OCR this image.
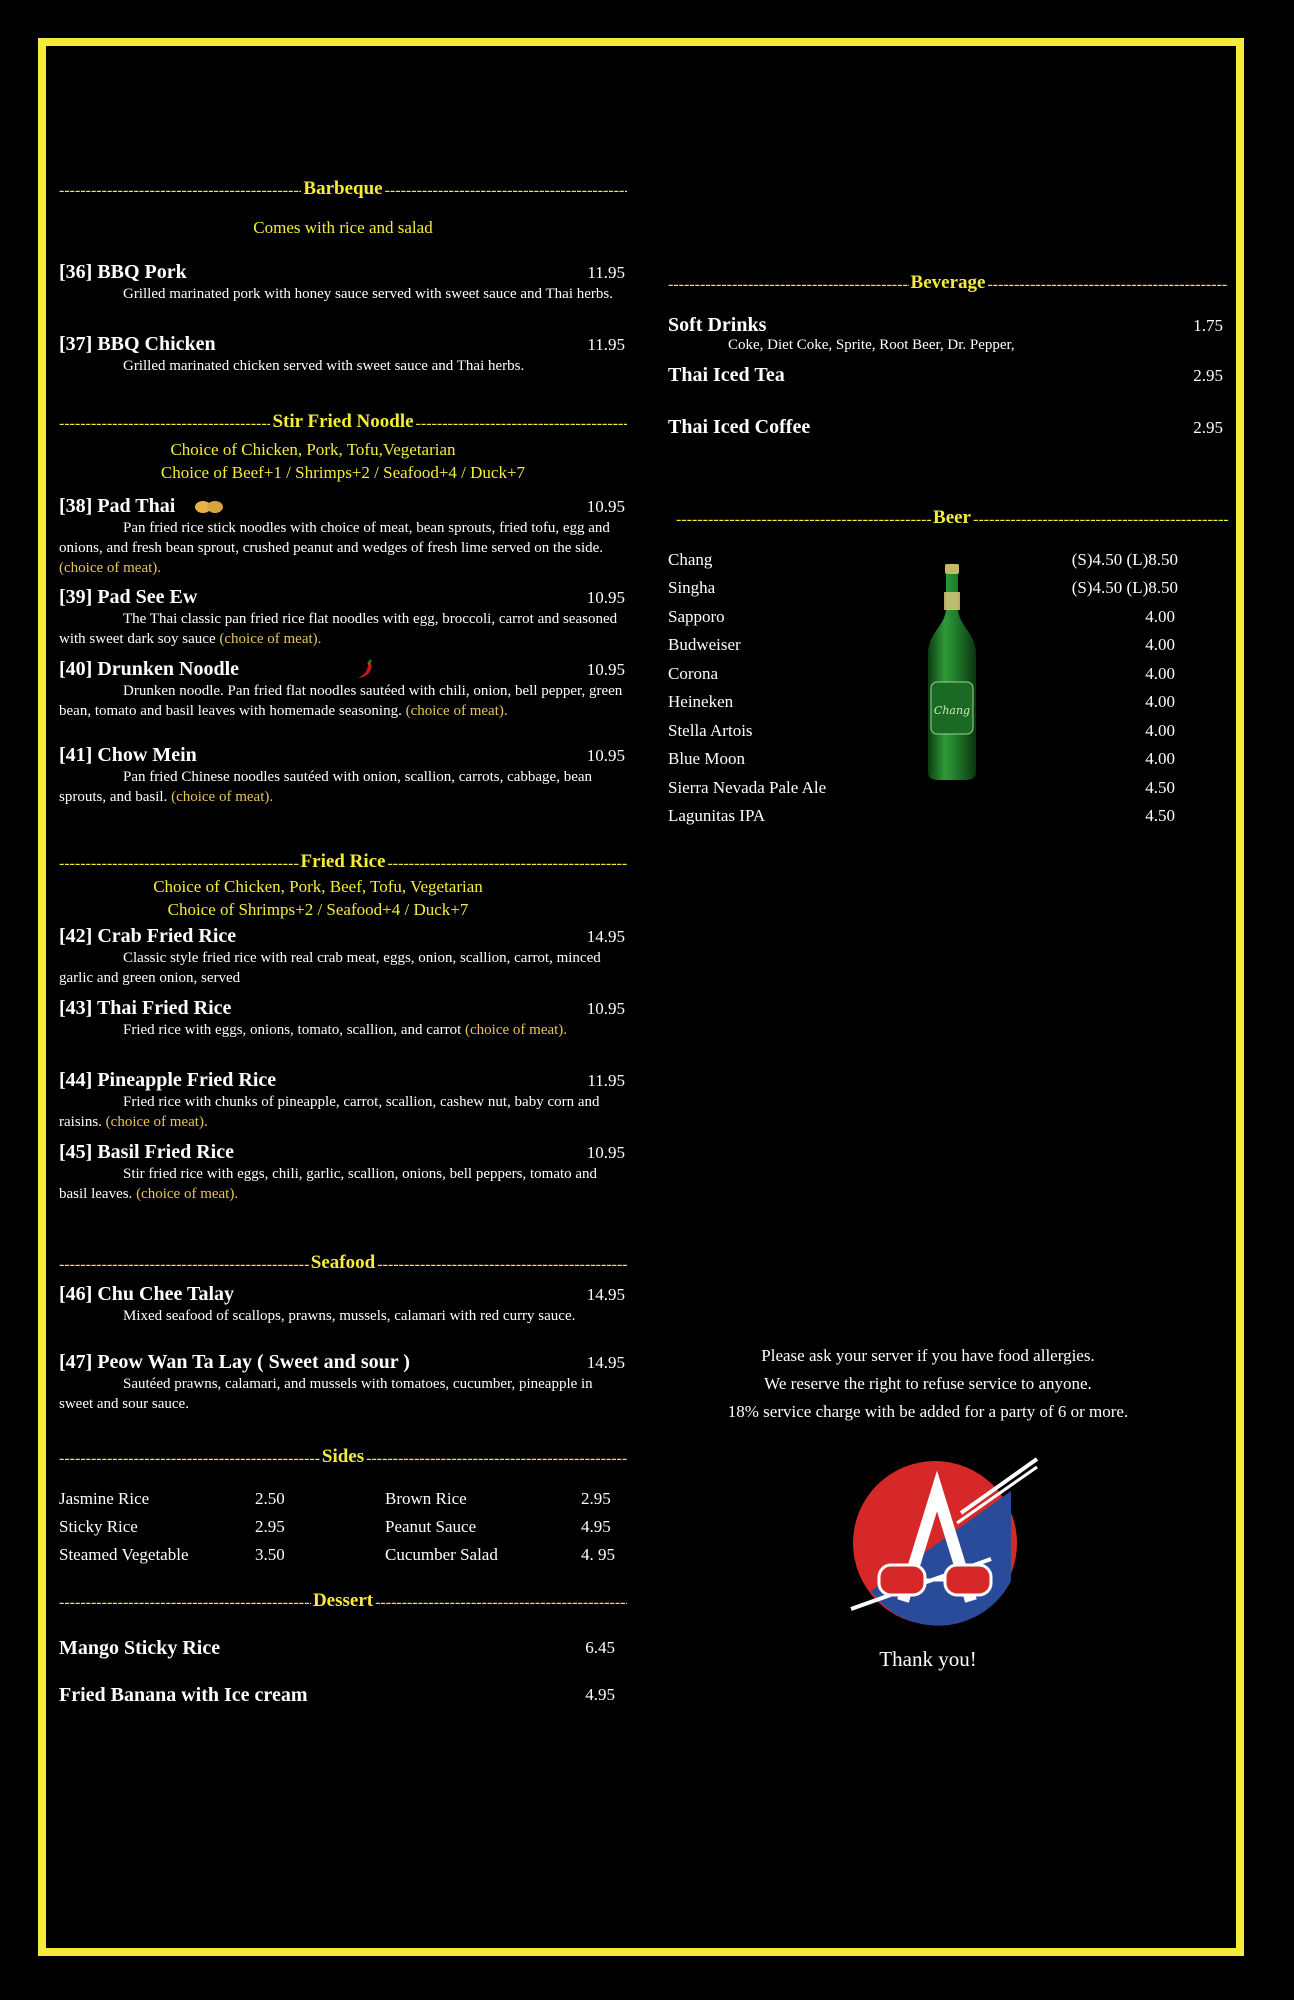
-----
Barbeque
-----
Comes with rice and salad
[36] BBQ Pork	11.95
Grilled marinated pork with honey sauce served with sweet sauce and Thai herbs.
[37] BBQ Chicken	11.95
Grilled marinated chicken served with sweet sauce and Thai herbs.
-----
Stir Fried Noodle
-----
Choice of Chicken, Pork, Tofu,Vegetarian
Choice of Beef+1 / Shrimps+2 / Seafood+4 / Duck+7
[38] Pad Thai	10.95
Pan fried rice stick noodles with choice of meat, bean sprouts, fried tofu, egg and onions, and fresh bean sprout, crushed peanut and wedges of fresh lime served on the side. (choice of meat).
[39] Pad See Ew	10.95
The Thai classic pan fried rice flat noodles with egg, broccoli, carrot and seasoned with sweet dark soy sauce (choice of meat).
[40] Drunken Noodle	10.95
Drunken noodle. Pan fried flat noodles sautéed with chili, onion, bell pepper, green bean, tomato and basil leaves with homemade seasoning. (choice of meat).
[41] Chow Mein	10.95
Pan fried Chinese noodles sautéed with onion, scallion, carrots, cabbage, bean sprouts, and basil. (choice of meat).
-----
Fried Rice
-----
Choice of Chicken, Pork, Beef, Tofu, Vegetarian
Choice of Shrimps+2 / Seafood+4 / Duck+7
[42] Crab Fried Rice	14.95
Classic style fried rice with real crab meat, eggs, onion, scallion, carrot, minced garlic and green onion, served
[43] Thai Fried Rice	10.95
Fried rice with eggs, onions, tomato, scallion, and carrot (choice of meat).
[44] Pineapple Fried Rice	11.95
Fried rice with chunks of pineapple, carrot, scallion, cashew nut, baby corn and raisins. (choice of meat).
[45] Basil Fried Rice	10.95
Stir fried rice with eggs, chili, garlic, scallion, onions, bell peppers, tomato and basil leaves. (choice of meat).
-----
Seafood
-----
[46] Chu Chee Talay	14.95
Mixed seafood of scallops, prawns, mussels, calamari with red curry sauce.
[47] Peow Wan Ta Lay ( Sweet and sour )	14.95
Sautéed prawns, calamari, and mussels with tomatoes, cucumber, pineapple in sweet and sour sauce.
-----
Sides
-----
Jasmine Rice	2.50
Sticky Rice	2.95
Steamed Vegetable	3.50
Brown Rice	2.95
Peanut Sauce	4.95
Cucumber Salad	4. 95
-----
Dessert
-----
Mango Sticky Rice	6.45
Fried Banana with Ice cream	4.95
-----
Beverage
-----
Soft Drinks	1.75
Coke, Diet Coke, Sprite, Root Beer, Dr. Pepper,
Thai Iced Tea	2.95
Thai Iced Coffee	2.95
-----
Beer
-----
Chang	(S)4.50 (L)8.50
Singha	(S)4.50 (L)8.50
Sapporo	4.00
Budweiser	4.00
Corona	4.00
Heineken	4.00
Stella Artois	4.00
Blue Moon	4.00
Sierra Nevada Pale Ale	4.50
Lagunitas IPA	4.50
Chang
Please ask your server if you have food allergies.
We reserve the right to refuse service to anyone.
18% service charge with be added for a party of 6 or more.
Thank you!
